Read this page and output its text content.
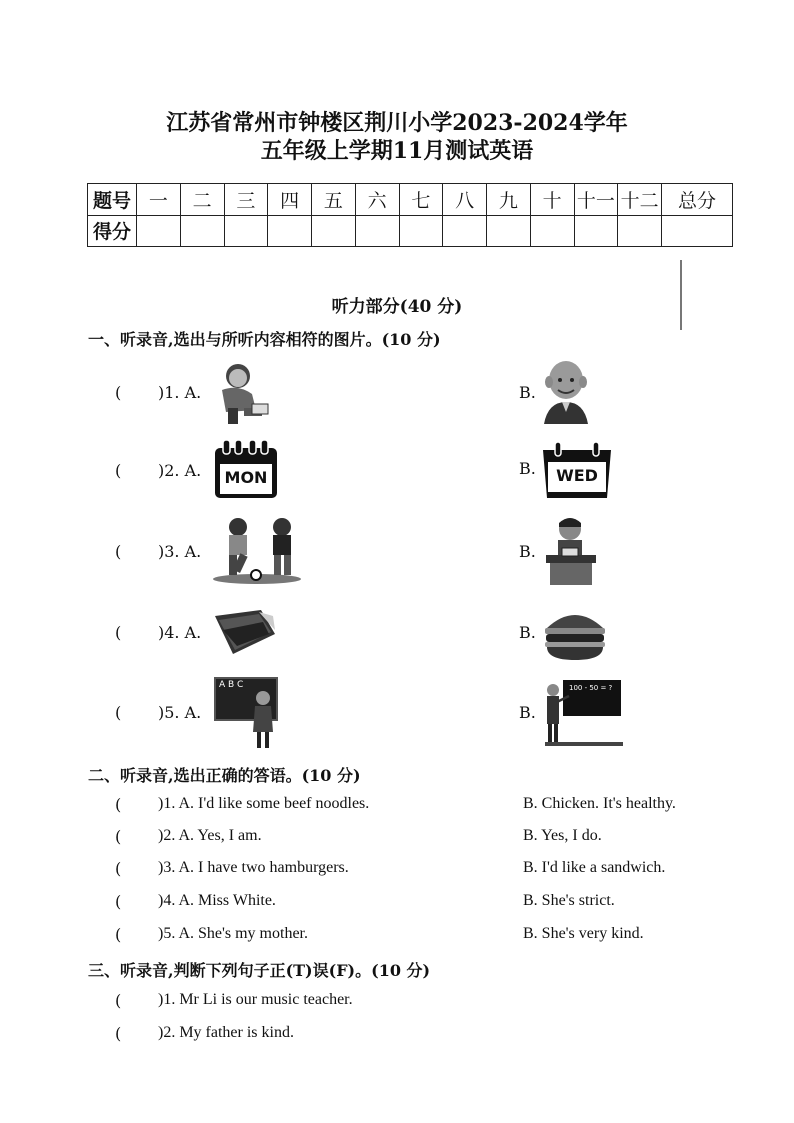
江苏省常州市钟楼区荆川小学2023-2024学年
五年级上学期11月测试英语
题号	一	二	三	四	五	六	七	八	九	十	十一	十二	总分
得分													
听力部分(40 分)
一、听录音,选出与所听内容相符的图片。(10 分)
( )1. A.	B.
( )2. A. MON	B.	WED
( )3. A.	B.
( )4. A.	B.
( )5. A.
A B C
B.
100 - 50 = ?
二、听录音,选出正确的答语。(10 分)
( )1. A. I'd like some beef noodles.	B. Chicken. It's healthy.
( )2. A. Yes, I am.	B. Yes, I do.
( )3. A. I have two hamburgers.	B. I'd like a sandwich.
( )4. A. Miss White.	B. She's strict.
( )5. A. She's my mother.	B. She's very kind.
三、听录音,判断下列句子正(T)误(F)。(10 分)
( )1. Mr Li is our music teacher.
( )2. My father is kind.
